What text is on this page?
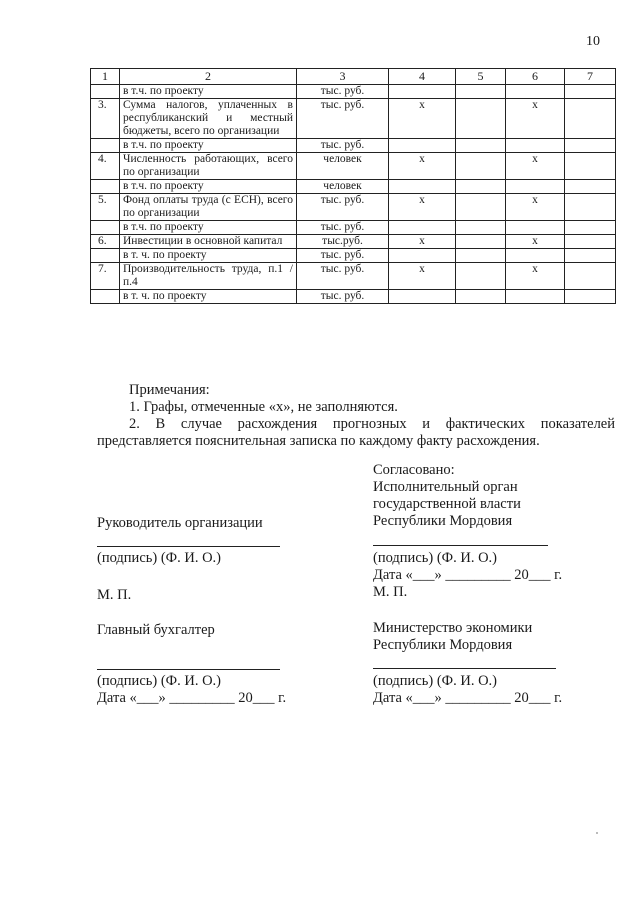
10
1	2	3	4	5	6	7
	в т.ч. по проекту	тыс. руб.				
3.	Сумма налогов, уплаченных в республиканский и местный бюджеты, всего по организации	тыс. руб.	x		x	
	в т.ч. по проекту	тыс. руб.				
4.	Численность работающих, всего по организации	человек	x		x	
	в т.ч. по проекту	человек				
5.	Фонд оплаты труда (с ЕСН), всего по организации	тыс. руб.	x		x	
	в т.ч. по проекту	тыс. руб.				
6.	Инвестиции в основной капитал	тыс.руб.	x		x	
	в т. ч. по проекту	тыс. руб.				
7.	Производительность труда, п.1 / п.4	тыс. руб.	x		x	
	в т. ч. по проекту	тыс. руб.				

Примечания:

1. Графы, отмеченные «x», не заполняются.

2. В случае расхождения прогнозных и фактических показателей представляется пояснительная записка по каждому факту расхождения.

Согласовано:
Исполнительный орган
государственной власти
Республики Мордовия
(подпись) (Ф. И. О.)
Дата «___» _________ 20___ г.
М. П.
Министерство экономики
Республики Мордовия
(подпись) (Ф. И. О.)
Дата «___» _________ 20___ г.
Руководитель организации
(подпись) (Ф. И. О.)
М. П.
Главный бухгалтер
(подпись) (Ф. И. О.)
Дата «___» _________ 20___ г.
